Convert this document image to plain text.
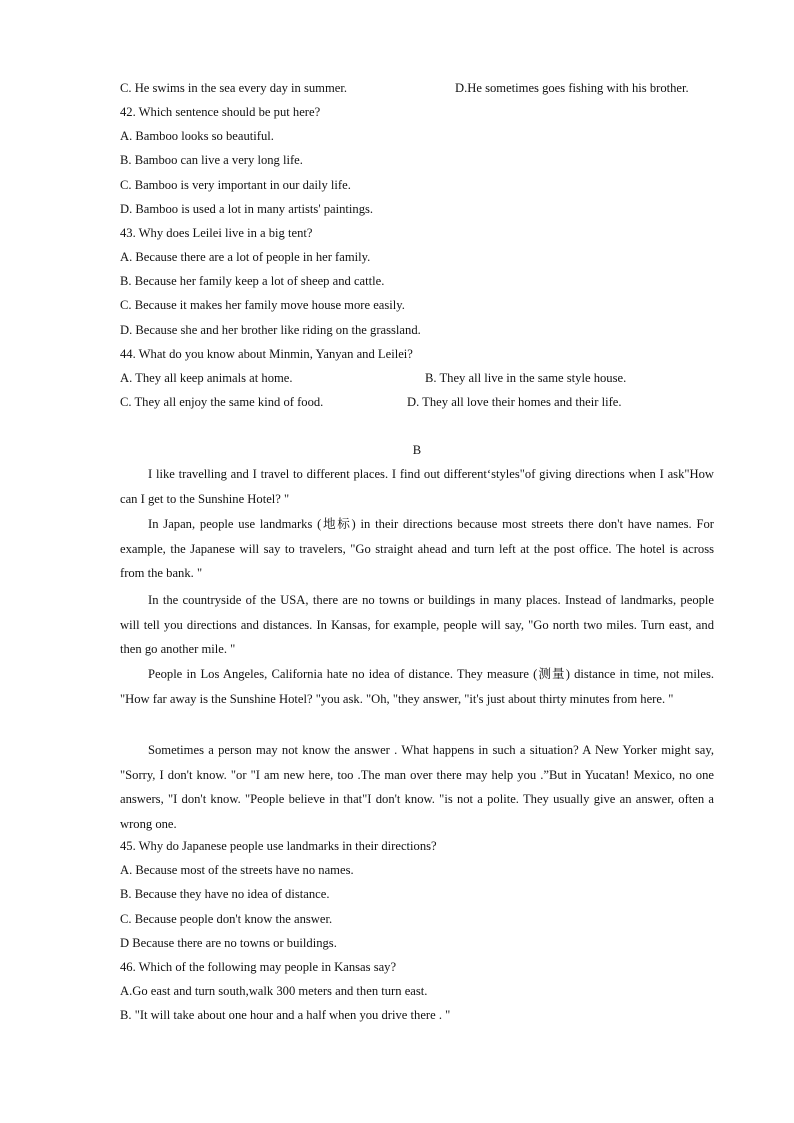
C. He swims in the sea every day in summer.	D.He sometimes goes fishing with his brother.
42. Which sentence should be put here?
A. Bamboo looks so beautiful.
B. Bamboo can live a very long life.
C. Bamboo is very important in our daily life.
D. Bamboo is used a lot in many artists' paintings.
43. Why does Leilei live in a big tent?
A. Because there are a lot of people in her family.
B. Because her family keep a lot of sheep and cattle.
C. Because it makes her family move house more easily.
D. Because she and her brother like riding on the grassland.
44. What do you know about Minmin, Yanyan and Leilei?
A. They all keep animals at home.	B. They all live in the same style house.
C. They all enjoy the same kind of food.	D. They all love their homes and their life.
B
I like travelling and I travel to different places. I find out different‘styles"of giving directions when I ask"How can I get to the Sunshine Hotel? "
In Japan, people use landmarks (地标) in their directions because most streets there don't have names. For example, the Japanese will say to travelers, "Go straight ahead and turn left at the post office. The hotel is across from the bank. "
In the countryside of the USA, there are no towns or buildings in many places. Instead of landmarks, people will tell you directions and distances. In Kansas, for example, people will say, "Go north two miles. Turn east, and then go another mile. "
People in Los Angeles, California hate no idea of distance. They measure (测量) distance in time, not miles. "How far away is the Sunshine Hotel? "you ask. "Oh, "they answer, "it's just about thirty minutes from here. "
Sometimes a person may not know the answer . What happens in such a situation? A New Yorker might say, "Sorry, I don't know. "or "I am new here, too .The man over there may help you .”But in Yucatan! Mexico, no one answers, "I don't know. "People believe in that"I don't know. "is not a polite. They usually give an answer, often a wrong one.
45. Why do Japanese people use landmarks in their directions?
A. Because most of the streets have no names.
B. Because they have no idea of distance.
C. Because people don't know the answer.
D Because there are no towns or buildings.
46. Which of the following may people in Kansas say?
A.Go east and turn south,walk 300 meters and then turn east.
B. "It will take about one hour and a half when you drive there . "
